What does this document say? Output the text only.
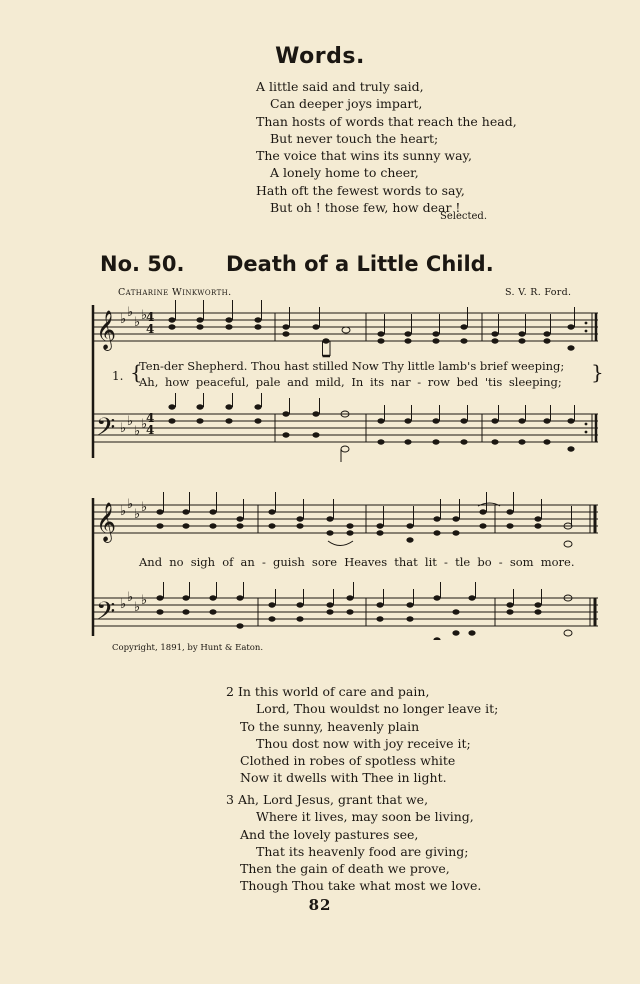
Words.
A little said and truly said,
Can deeper joys impart,
Than hosts of words that reach the head,
But never touch the heart;
The voice that wins its sunny way,
A lonely home to cheer,
Hath oft the fewest words to say,
But oh ! those few, how dear !
Selected.
No. 50. Death of a Little Child.
Catharine Winkworth.	S. V. R. Ford.
𝄞
𝄢
𝄞
𝄢
♭ ♭
♭ ♭
♭ ♭
♭ ♭
♭ ♭
♭ ♭
♭ ♭
♭ ♭
4
4
4
4
1. {
Ten-der Shepherd. Thou hast stilled Now Thy little lamb's brief weeping;
Ah, how peaceful, pale and mild, In its nar - row bed 'tis sleeping; }
And no sigh of an - guish sore Heaves that lit - tle bo - som more.
Copyright, 1891, by Hunt & Eaton.
2 In this world of care and pain,
Lord, Thou wouldst no longer leave it;
To the sunny, heavenly plain
Thou dost now with joy receive it;
Clothed in robes of spotless white
Now it dwells with Thee in light.
3 Ah, Lord Jesus, grant that we,
Where it lives, may soon be living,
And the lovely pastures see,
That its heavenly food are giving;
Then the gain of death we prove,
Though Thou take what most we love.
82
